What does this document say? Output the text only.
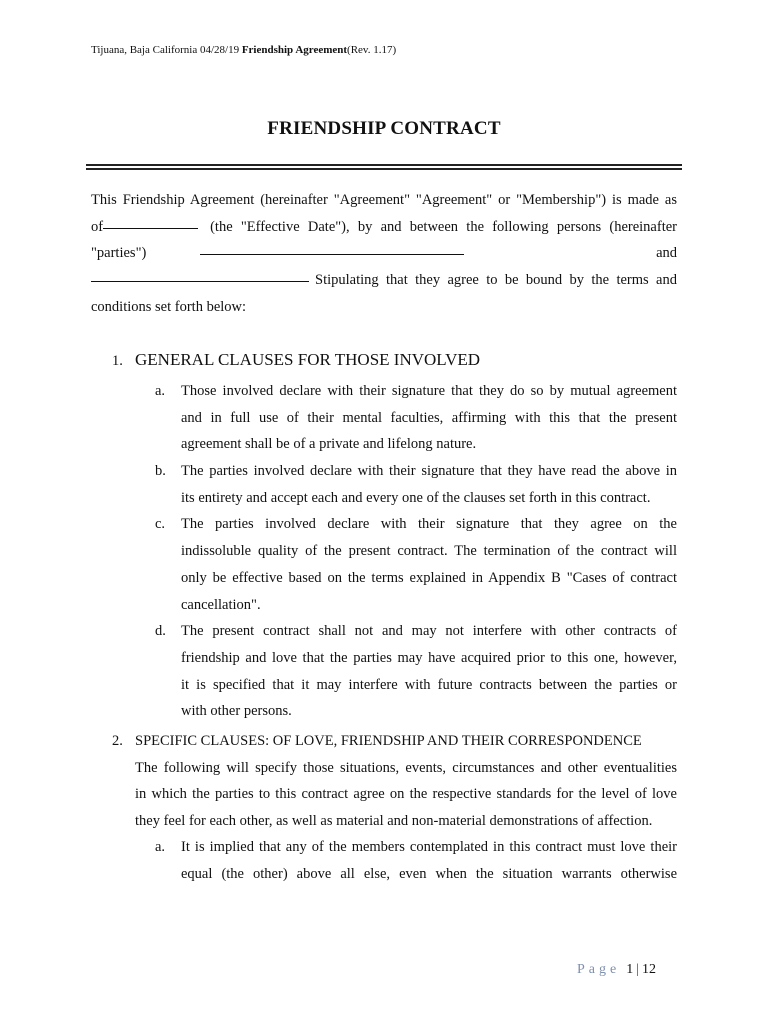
Tijuana, Baja California 04/28/19 Friendship Agreement(Rev. 1.17)
FRIENDSHIP CONTRACT
This Friendship Agreement (hereinafter "Agreement" "Agreement" or "Membership") is made as
of	(the "Effective Date"), by and between the following persons (hereinafter
"parties")	and
Stipulating that they agree to be bound by the terms and
conditions set forth below:
1. GENERAL CLAUSES FOR THOSE INVOLVED
a. Those involved declare with their signature that they do so by mutual agreement
and in full use of their mental faculties, affirming with this that the present
agreement shall be of a private and lifelong nature.
b. The parties involved declare with their signature that they have read the above in
its entirety and accept each and every one of the clauses set forth in this contract.
c. The parties involved declare with their signature that they agree on the
indissoluble quality of the present contract. The termination of the contract will
only be effective based on the terms explained in Appendix B "Cases of contract
cancellation".
d. The present contract shall not and may not interfere with other contracts of
friendship and love that the parties may have acquired prior to this one, however,
it is specified that it may interfere with future contracts between the parties or
with other persons.
2. SPECIFIC CLAUSES: OF LOVE, FRIENDSHIP AND THEIR CORRESPONDENCE
The following will specify those situations, events, circumstances and other eventualities
in which the parties to this contract agree on the respective standards for the level of love
they feel for each other, as well as material and non-material demonstrations of affection.
a. It is implied that any of the members contemplated in this contract must love their
equal (the other) above all else, even when the situation warrants otherwise
Page 1 | 12
